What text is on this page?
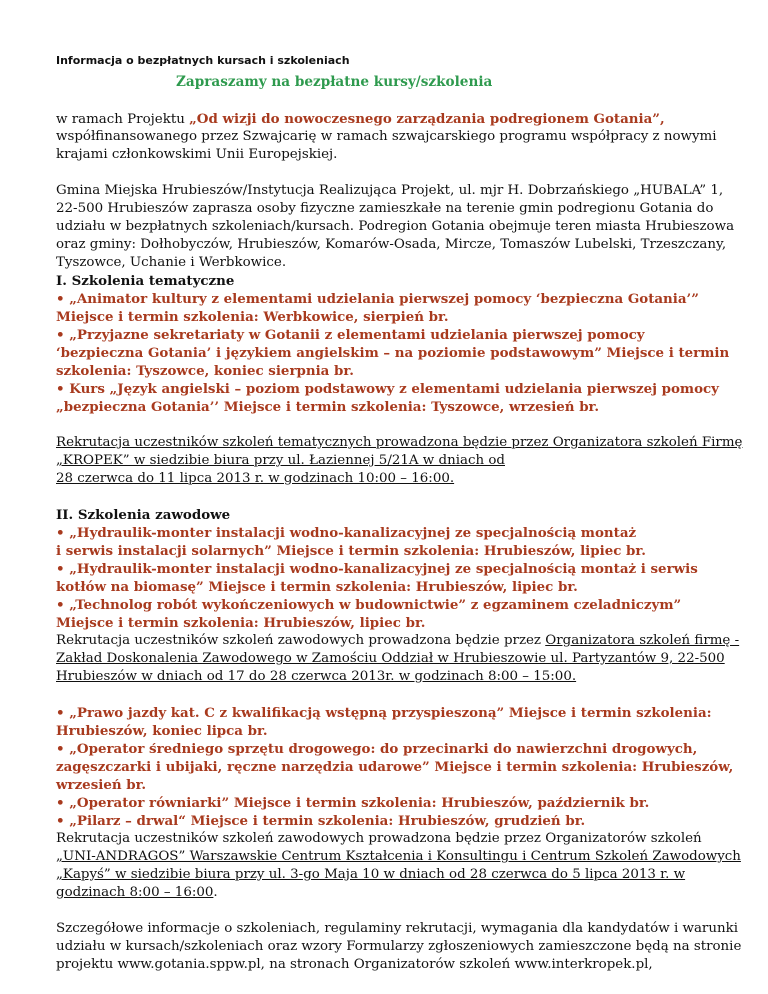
Informacja o bezpłatnych kursach i szkoleniach
Zapraszamy na bezpłatne kursy/szkolenia
w ramach Projektu „Od wizji do nowoczesnego zarządzania podregionem Gotania”,
współfinansowanego przez Szwajcarię w ramach szwajcarskiego programu współpracy z nowymi
krajami członkowskimi Unii Europejskiej.
Gmina Miejska Hrubieszów/Instytucja Realizująca Projekt, ul. mjr H. Dobrzańskiego „HUBALA” 1,
22-500 Hrubieszów zaprasza osoby fizyczne zamieszkałe na terenie gmin podregionu Gotania do
udziału w bezpłatnych szkoleniach/kursach. Podregion Gotania obejmuje teren miasta Hrubieszowa
oraz gminy: Dołhobyczów, Hrubieszów, Komarów-Osada, Mircze, Tomaszów Lubelski, Trzeszczany,
Tyszowce, Uchanie i Werbkowice.
I. Szkolenia tematyczne
• „Animator kultury z elementami udzielania pierwszej pomocy ‘bezpieczna Gotania’”
Miejsce i termin szkolenia: Werbkowice, sierpień br.
• „Przyjazne sekretariaty w Gotanii z elementami udzielania pierwszej pomocy
‘bezpieczna Gotania’ i językiem angielskim – na poziomie podstawowym” Miejsce i termin
szkolenia: Tyszowce, koniec sierpnia br.
• Kurs „Język angielski – poziom podstawowy z elementami udzielania pierwszej pomocy
„bezpieczna Gotania’’ Miejsce i termin szkolenia: Tyszowce, wrzesień br.
Rekrutacja uczestników szkoleń tematycznych prowadzona będzie przez Organizatora szkoleń Firmę
„KROPEK” w siedzibie biura przy ul. Łaziennej 5/21A w dniach od
28 czerwca do 11 lipca 2013 r. w godzinach 10:00 – 16:00.
II. Szkolenia zawodowe
• „Hydraulik-monter instalacji wodno-kanalizacyjnej ze specjalnością montaż
i serwis instalacji solarnych” Miejsce i termin szkolenia: Hrubieszów, lipiec br.
• „Hydraulik-monter instalacji wodno-kanalizacyjnej ze specjalnością montaż i serwis
kotłów na biomasę” Miejsce i termin szkolenia: Hrubieszów, lipiec br.
• „Technolog robót wykończeniowych w budownictwie” z egzaminem czeladniczym”
Miejsce i termin szkolenia: Hrubieszów, lipiec br.
Rekrutacja uczestników szkoleń zawodowych prowadzona będzie przez Organizatora szkoleń firmę -
Zakład Doskonalenia Zawodowego w Zamościu Oddział w Hrubieszowie ul. Partyzantów 9, 22-500
Hrubieszów w dniach od 17 do 28 czerwca 2013r. w godzinach 8:00 – 15:00.
• „Prawo jazdy kat. C z kwalifikacją wstępną przyspieszoną” Miejsce i termin szkolenia:
Hrubieszów, koniec lipca br.
• „Operator średniego sprzętu drogowego: do przecinarki do nawierzchni drogowych,
zagęszczarki i ubijaki, ręczne narzędzia udarowe” Miejsce i termin szkolenia: Hrubieszów,
wrzesień br.
• „Operator równiarki” Miejsce i termin szkolenia: Hrubieszów, październik br.
• „Pilarz – drwal“ Miejsce i termin szkolenia: Hrubieszów, grudzień br.
Rekrutacja uczestników szkoleń zawodowych prowadzona będzie przez Organizatorów szkoleń
„UNI-ANDRAGOS” Warszawskie Centrum Kształcenia i Konsultingu i Centrum Szkoleń Zawodowych
„Kapyś” w siedzibie biura przy ul. 3-go Maja 10 w dniach od 28 czerwca do 5 lipca 2013 r. w
godzinach 8:00 – 16:00.
Szczegółowe informacje o szkoleniach, regulaminy rekrutacji, wymagania dla kandydatów i warunki
udziału w kursach/szkoleniach oraz wzory Formularzy zgłoszeniowych zamieszczone będą na stronie
projektu www.gotania.sppw.pl, na stronach Organizatorów szkoleń www.interkropek.pl,
